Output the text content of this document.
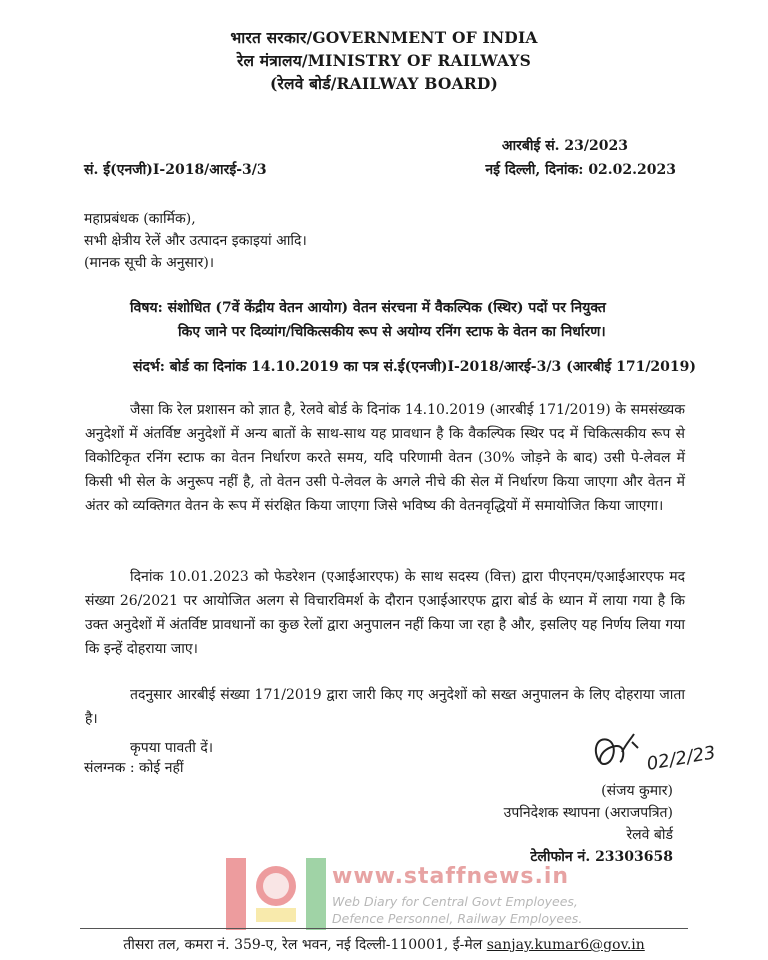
भारत सरकार/GOVERNMENT OF INDIA
रेल मंत्रालय/MINISTRY OF RAILWAYS
(रेलवे बोर्ड/RAILWAY BOARD)
आरबीई सं. 23/2023
सं. ई(एनजी)I-2018/आरई-3/3	नई दिल्ली, दिनांक: 02.02.2023
महाप्रबंधक (कार्मिक),
सभी क्षेत्रीय रेलें और उत्पादन इकाइयां आदि।
(मानक सूची के अनुसार)।
विषय: संशोधित (7वें केंद्रीय वेतन आयोग) वेतन संरचना में वैकल्पिक (स्थिर) पदों पर नियुक्त
किए जाने पर दिव्यांग/चिकित्सकीय रूप से अयोग्य रनिंग स्टाफ के वेतन का निर्धारण।
संदर्भ: बोर्ड का दिनांक 14.10.2019 का पत्र सं.ई(एनजी)I-2018/आरई-3/3 (आरबीई 171/2019)

जैसा कि रेल प्रशासन को ज्ञात है, रेलवे बोर्ड के दिनांक 14.10.2019 (आरबीई 171/2019) के समसंख्यक अनुदेशों में अंतर्विष्ट अनुदेशों में अन्य बातों के साथ-साथ यह प्रावधान है कि वैकल्पिक स्थिर पद में चिकित्सकीय रूप से विकोटिकृत रनिंग स्टाफ का वेतन निर्धारण करते समय, यदि परिणामी वेतन (30% जोड़ने के बाद) उसी पे-लेवल में किसी भी सेल के अनुरूप नहीं है, तो वेतन उसी पे-लेवल के अगले नीचे की सेल में निर्धारण किया जाएगा और वेतन में अंतर को व्यक्तिगत वेतन के रूप में संरक्षित किया जाएगा जिसे भविष्य की वेतनवृद्धियों में समायोजित किया जाएगा।

दिनांक 10.01.2023 को फेडरेशन (एआईआरएफ) के साथ सदस्य (वित्त) द्वारा पीएनएम/एआईआरएफ मद संख्या 26/2021 पर आयोजित अलग से विचारविमर्श के दौरान एआईआरएफ द्वारा बोर्ड के ध्यान में लाया गया है कि उक्त अनुदेशों में अंतर्विष्ट प्रावधानों का कुछ रेलों द्वारा अनुपालन नहीं किया जा रहा है और, इसलिए यह निर्णय लिया गया कि इन्हें दोहराया जाए।

तदनुसार आरबीई संख्या 171/2019 द्वारा जारी किए गए अनुदेशों को सख्त अनुपालन के लिए दोहराया जाता है।

कृपया पावती दें।
संलग्नक : कोई नहीं	02/2/23
(संजय कुमार)
उपनिदेशक स्थापना (अराजपत्रित)
रेलवे बोर्ड
टेलीफोन नं. 23303658
www.staffnews.in
Web Diary for Central Govt Employees,
Defence Personnel, Railway Employees.
तीसरा तल, कमरा नं. 359-ए, रेल भवन, नई दिल्ली-110001, ई-मेल sanjay.kumar6@gov.in
